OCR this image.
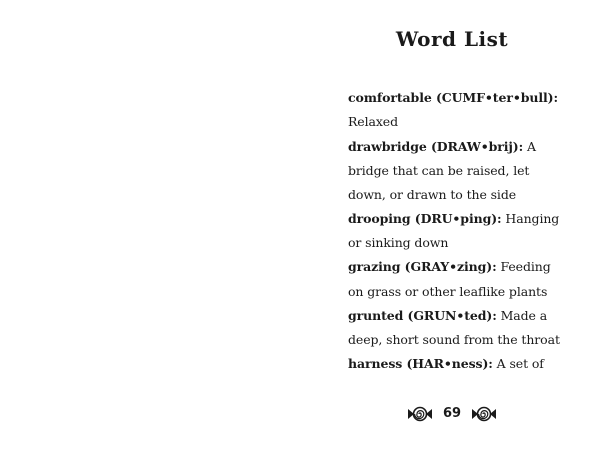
Word List
comfortable (CUMF•ter•bull):
Relaxed
drawbridge (DRAW•brij): A
bridge that can be raised, let
down, or drawn to the side
drooping (DRU•ping): Hanging
or sinking down
grazing (GRAY•zing): Feeding
on grass or other leaflike plants
grunted (GRUN•ted): Made a
deep, short sound from the throat
harness (HAR•ness): A set of
69
